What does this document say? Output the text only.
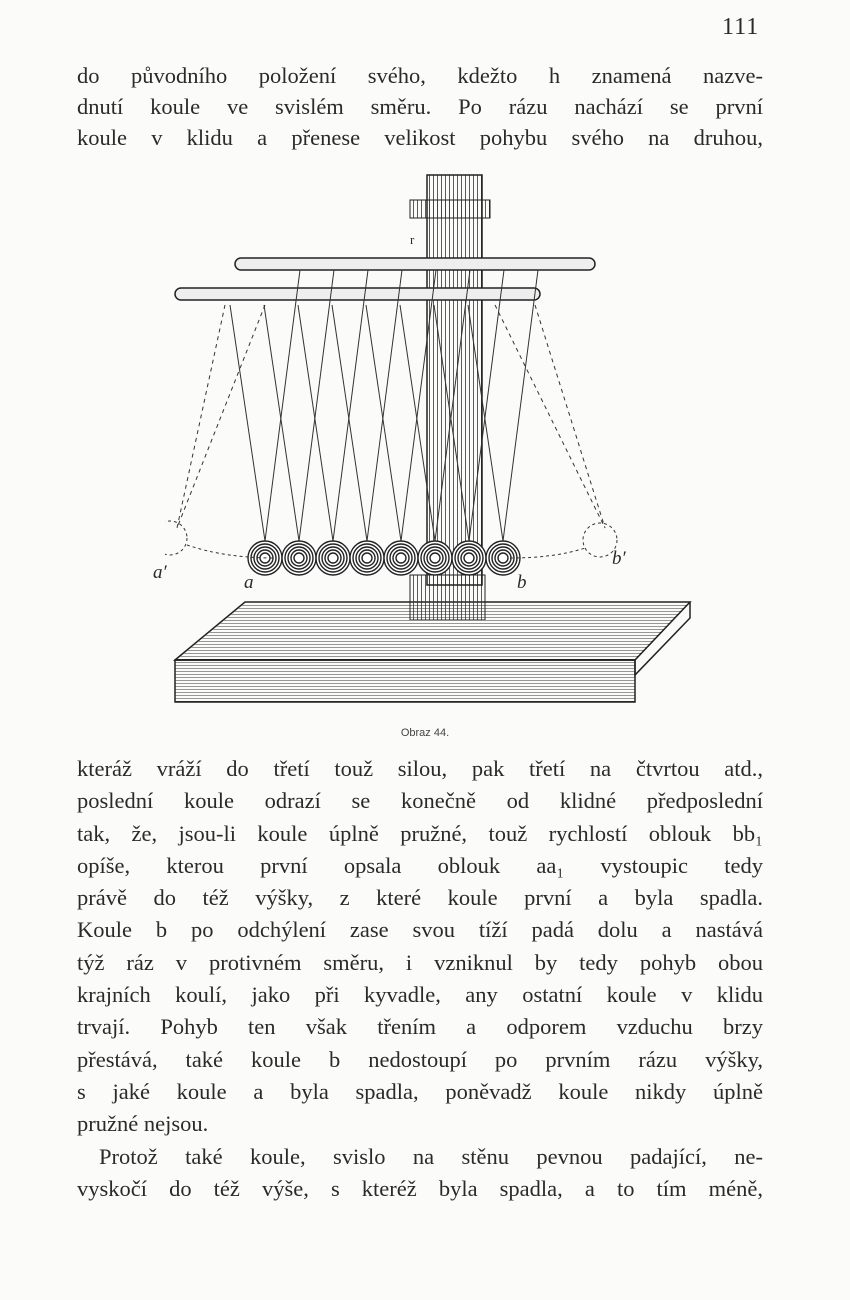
111
do původního položení svého, kdežto h znamená nazve-
dnutí koule ve svislém směru. Po rázu nachází se první
koule v klidu a přenese velikost pohybu svého na druhou,
a′	a	b
b′
r
Obraz 44.
kteráž vráží do třetí touž silou, pak třetí na čtvrtou atd.,
poslední koule odrazí se konečně od klidné předposlední
tak, že, jsou-li koule úplně pružné, touž rychlostí oblouk bb₁
opíše, kterou první opsala oblouk aa₁ vystoupic tedy
právě do též výšky, z které koule první a byla spadla.
Koule b po odchýlení zase svou tíží padá dolu a nastává
týž ráz v protivném směru, i vzniknul by tedy pohyb obou
krajních koulí, jako při kyvadle, any ostatní koule v klidu
trvají. Pohyb ten však třením a odporem vzduchu brzy
přestává, také koule b nedostoupí po prvním rázu výšky,
s jaké koule a byla spadla, poněvadž koule nikdy úplně
pružné nejsou.
Protož také koule, svislo na stěnu pevnou padající, ne-
vyskočí do též výše, s kteréž byla spadla, a to tím méně,
